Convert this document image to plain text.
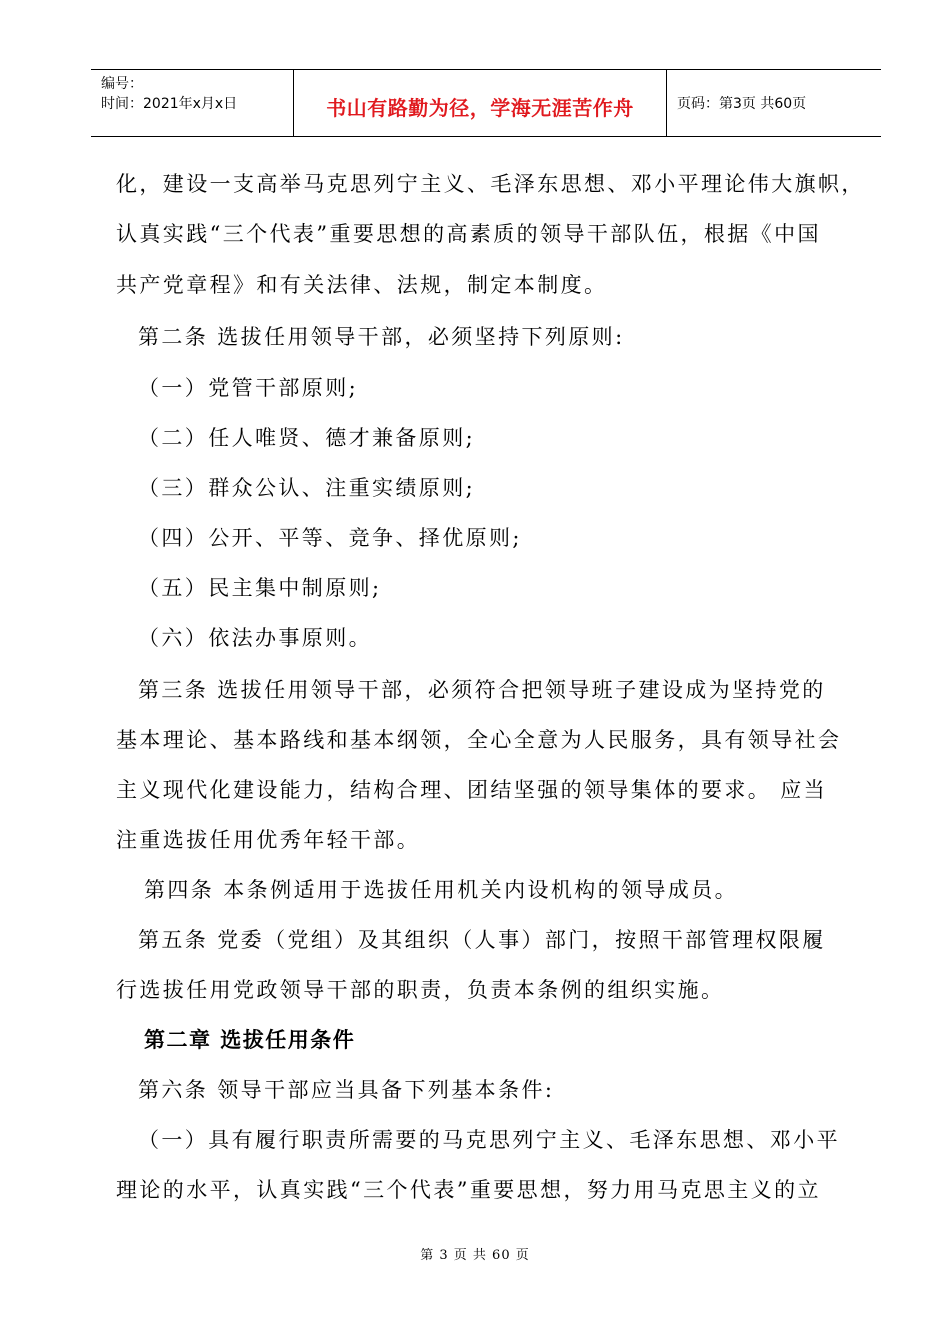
编号：
时间：2021年x月x日	书山有路勤为径，学海无涯苦作舟	页码：第3页 共60页
化，建设一支高举马克思列宁主义、毛泽东思想、邓小平理论伟大旗帜，
认真实践“三个代表”重要思想的高素质的领导干部队伍，根据《中国
共产党章程》和有关法律、法规，制定本制度。
第二条 选拔任用领导干部，必须坚持下列原则:
（一）党管干部原则;
（二）任人唯贤、德才兼备原则;
（三）群众公认、注重实绩原则;
（四）公开、平等、竞争、择优原则;
（五）民主集中制原则;
（六）依法办事原则。
第三条 选拔任用领导干部，必须符合把领导班子建设成为坚持党的
基本理论、基本路线和基本纲领，全心全意为人民服务，具有领导社会
主义现代化建设能力，结构合理、团结坚强的领导集体的要求。 应当
注重选拔任用优秀年轻干部。
第四条 本条例适用于选拔任用机关内设机构的领导成员。
第五条 党委（党组）及其组织（人事）部门，按照干部管理权限履
行选拔任用党政领导干部的职责，负责本条例的组织实施。
第二章 选拔任用条件
第六条 领导干部应当具备下列基本条件:
（一）具有履行职责所需要的马克思列宁主义、毛泽东思想、邓小平
理论的水平，认真实践“三个代表”重要思想，努力用马克思主义的立
第 3 页 共 60 页
